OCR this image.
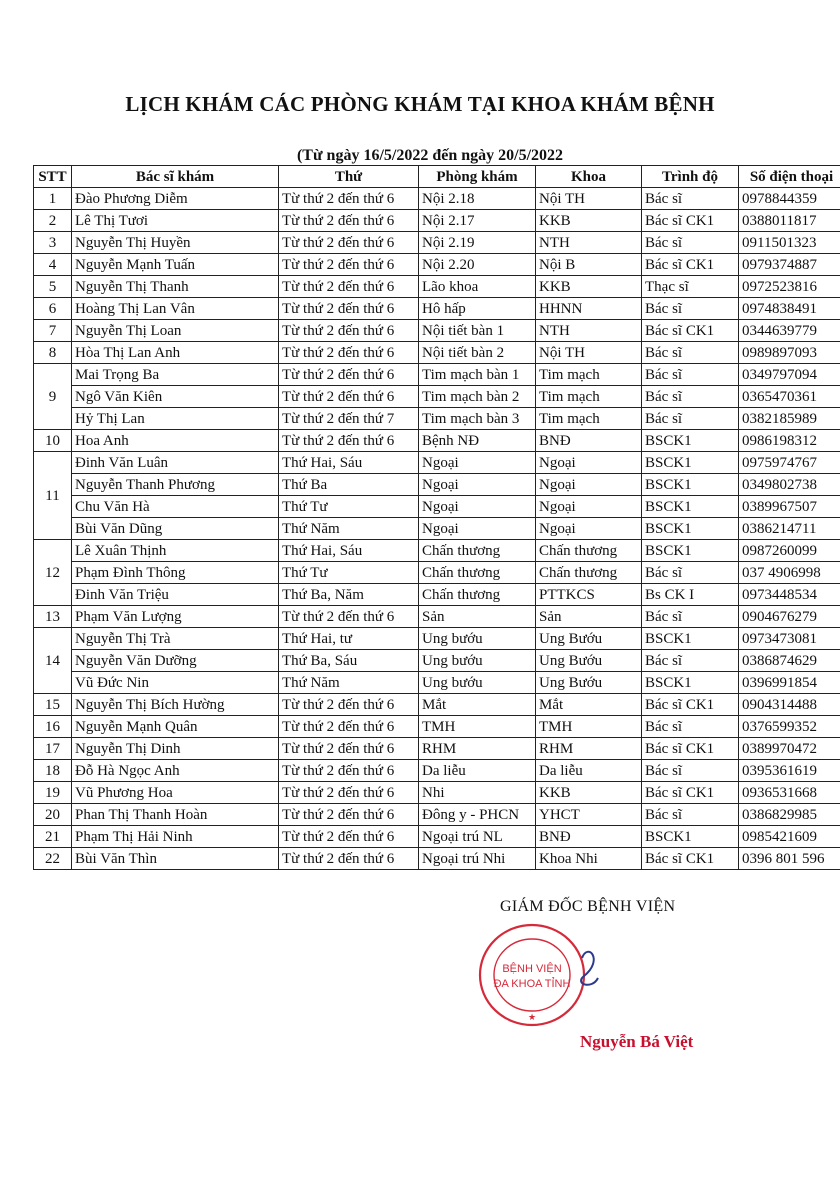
LỊCH KHÁM CÁC PHÒNG KHÁM TẠI KHOA KHÁM BỆNH
(Từ ngày 16/5/2022 đến ngày 20/5/2022
STT	Bác sĩ khám	Thứ	Phòng khám	Khoa	Trình độ	Số điện thoại
1	Đào Phương Diễm	Từ thứ 2 đến thứ 6	Nội 2.18	Nội TH	Bác sĩ	0978844359
2	Lê Thị Tươi	Từ thứ 2 đến thứ 6	Nội 2.17	KKB	Bác sĩ CK1	0388011817
3	Nguyễn Thị Huyền	Từ thứ 2 đến thứ 6	Nội 2.19	NTH	Bác sĩ	0911501323
4	Nguyễn Mạnh Tuấn	Từ thứ 2 đến thứ 6	Nội 2.20	Nội B	Bác sĩ CK1	0979374887
5	Nguyễn Thị Thanh	Từ thứ 2 đến thứ 6	Lão khoa	KKB	Thạc sĩ	0972523816
6	Hoàng Thị Lan Vân	Từ thứ 2 đến thứ 6	Hô hấp	HHNN	Bác sĩ	0974838491
7	Nguyễn Thị Loan	Từ thứ 2 đến thứ 6	Nội tiết bàn 1	NTH	Bác sĩ CK1	0344639779
8	Hòa Thị Lan Anh	Từ thứ 2 đến thứ 6	Nội tiết bàn 2	Nội TH	Bác sĩ	0989897093
9	Mai Trọng Ba	Từ thứ 2 đến thứ 6	Tim mạch bàn 1	Tim mạch	Bác sĩ	0349797094
	Ngô Văn Kiên	Từ thứ 2 đến thứ 6	Tim mạch bàn 2	Tim mạch	Bác sĩ	0365470361
	Hỷ Thị Lan	Từ thứ 2 đến thứ 7	Tim mạch bàn 3	Tim mạch	Bác sĩ	0382185989
10	Hoa Anh	Từ thứ 2 đến thứ 6	Bệnh NĐ	BNĐ	BSCK1	0986198312
11	Đinh Văn Luân	Thứ Hai, Sáu	Ngoại	Ngoại	BSCK1	0975974767
	Nguyễn Thanh Phương	Thứ Ba	Ngoại	Ngoại	BSCK1	0349802738
	Chu Văn Hà	Thứ Tư	Ngoại	Ngoại	BSCK1	0389967507
	Bùi Văn Dũng	Thứ Năm	Ngoại	Ngoại	BSCK1	0386214711
12	Lê Xuân Thịnh	Thứ Hai, Sáu	Chấn thương	Chấn thương	BSCK1	0987260099
	Phạm Đình Thông	Thứ Tư	Chấn thương	Chấn thương	Bác sĩ	037 4906998
	Đinh Văn Triệu	Thứ Ba, Năm	Chấn thương	PTTKCS	Bs CK I	0973448534
13	Phạm Văn Lượng	Từ thứ 2 đến thứ 6	Sản	Sản	Bác sĩ	0904676279
14	Nguyễn Thị Trà	Thứ Hai, tư	Ung bướu	Ung Bướu	BSCK1	0973473081
	Nguyễn Văn Dưỡng	Thứ Ba, Sáu	Ung bướu	Ung Bướu	Bác sĩ	0386874629
	Vũ Đức Nin	Thứ Năm	Ung bướu	Ung Bướu	BSCK1	0396991854
15	Nguyễn Thị Bích Hường	Từ thứ 2 đến thứ 6	Mắt	Mắt	Bác sĩ CK1	0904314488
16	Nguyễn Mạnh Quân	Từ thứ 2 đến thứ 6	TMH	TMH	Bác sĩ	0376599352
17	Nguyễn Thị Dinh	Từ thứ 2 đến thứ 6	RHM	RHM	Bác sĩ CK1	0389970472
18	Đỗ Hà Ngọc Anh	Từ thứ 2 đến thứ 6	Da liễu	Da liễu	Bác sĩ	0395361619
19	Vũ Phương Hoa	Từ thứ 2 đến thứ 6	Nhi	KKB	Bác sĩ CK1	0936531668
20	Phan Thị Thanh Hoàn	Từ thứ 2 đến thứ 6	Đông y - PHCN	YHCT	Bác sĩ	0386829985
21	Phạm Thị Hải Ninh	Từ thứ 2 đến thứ 6	Ngoại trú NL	BNĐ	BSCK1	0985421609
22	Bùi Văn Thìn	Từ thứ 2 đến thứ 6	Ngoại trú Nhi	Khoa Nhi	Bác sĩ CK1	0396 801 596
GIÁM ĐỐC BỆNH VIỆN
BỆNH VIỆN
ĐA KHOA TỈNH
★
Nguyễn Bá Việt
